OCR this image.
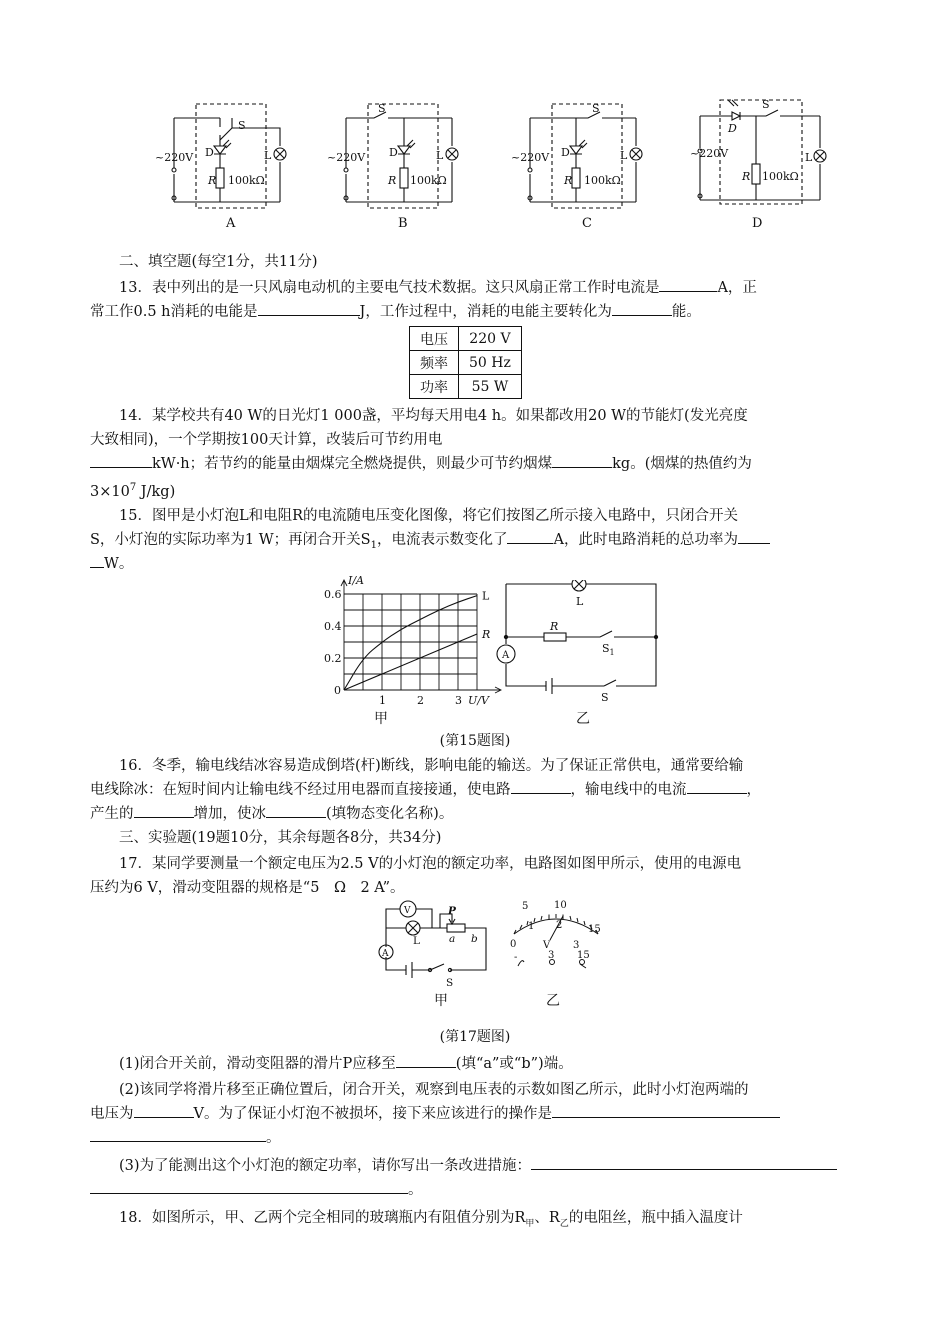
~220V
S
D
R 100kΩ
L
A
~220V
S
D
R 100kΩ
L
B
~220V
S
D
R 100kΩ
L
C
~220V
S
D
R 100kΩ
L
D
二、填空题(每空1分，共11分)
13．表中列出的是一只风扇电动机的主要电气技术数据。这只风扇正常工作时电流是	A，正
常工作0.5 h消耗的电能是	J，工作过程中，消耗的电能主要转化为	能。
电压	220 V
频率	50 Hz
功率	55 W
14．某学校共有40 W的日光灯1 000盏，平均每天用电4 h。如果都改用20 W的节能灯(发光亮度
大致相同)，一个学期按100天计算，改装后可节约用电
kW·h；若节约的能量由烟煤完全燃烧提供，则最少可节约烟煤	kg。(烟煤的热值约为
$3\times 10^7$ J/kg)
15．图甲是小灯泡L和电阻R的电流随电压变化图像，将它们按图乙所示接入电路中，只闭合开关
S，小灯泡的实际功率为1 W；再闭合开关$S_1$，电流表示数变化了	A，此时电路消耗的总功率为
W。
L
R
1	2	3
0.2
0.4
0.6
0
I/A
U/V
L
R
$S_1$
S
A
甲	乙
(第15题图)
16．冬季，输电线结冰容易造成倒塔(杆)断线，影响电能的输送。为了保证正常供电，通常要给输
电线除冰：在短时间内让输电线不经过用电器而直接接通，使电路	，输电线中的电流	，
产生的	增加，使冰	(填物态变化名称)。
三、实验题(19题10分，其余每题各8分，共34分)
17．某同学要测量一个额定电压为2.5 V的小灯泡的额定功率，电路图如图甲所示，使用的电源电
压约为6 V，滑动变阻器的规格是“5　Ω　2 A”。
V
A
L
P
a b
S
5	10
15
0
1 2
3
V
-	3 15
甲	乙
(第17题图)
(1)闭合开关前，滑动变阻器的滑片P应移至	(填“a”或“b”)端。
(2)该同学将滑片移至正确位置后，闭合开关，观察到电压表的示数如图乙所示，此时小灯泡两端的
电压为	V。为了保证小灯泡不被损坏，接下来应该进行的操作是
。
(3)为了能测出这个小灯泡的额定功率，请你写出一条改进措施：
。
18．如图所示，甲、乙两个完全相同的玻璃瓶内有阻值分别为$R_甲$、$R_乙$的电阻丝，瓶中插入温度计
